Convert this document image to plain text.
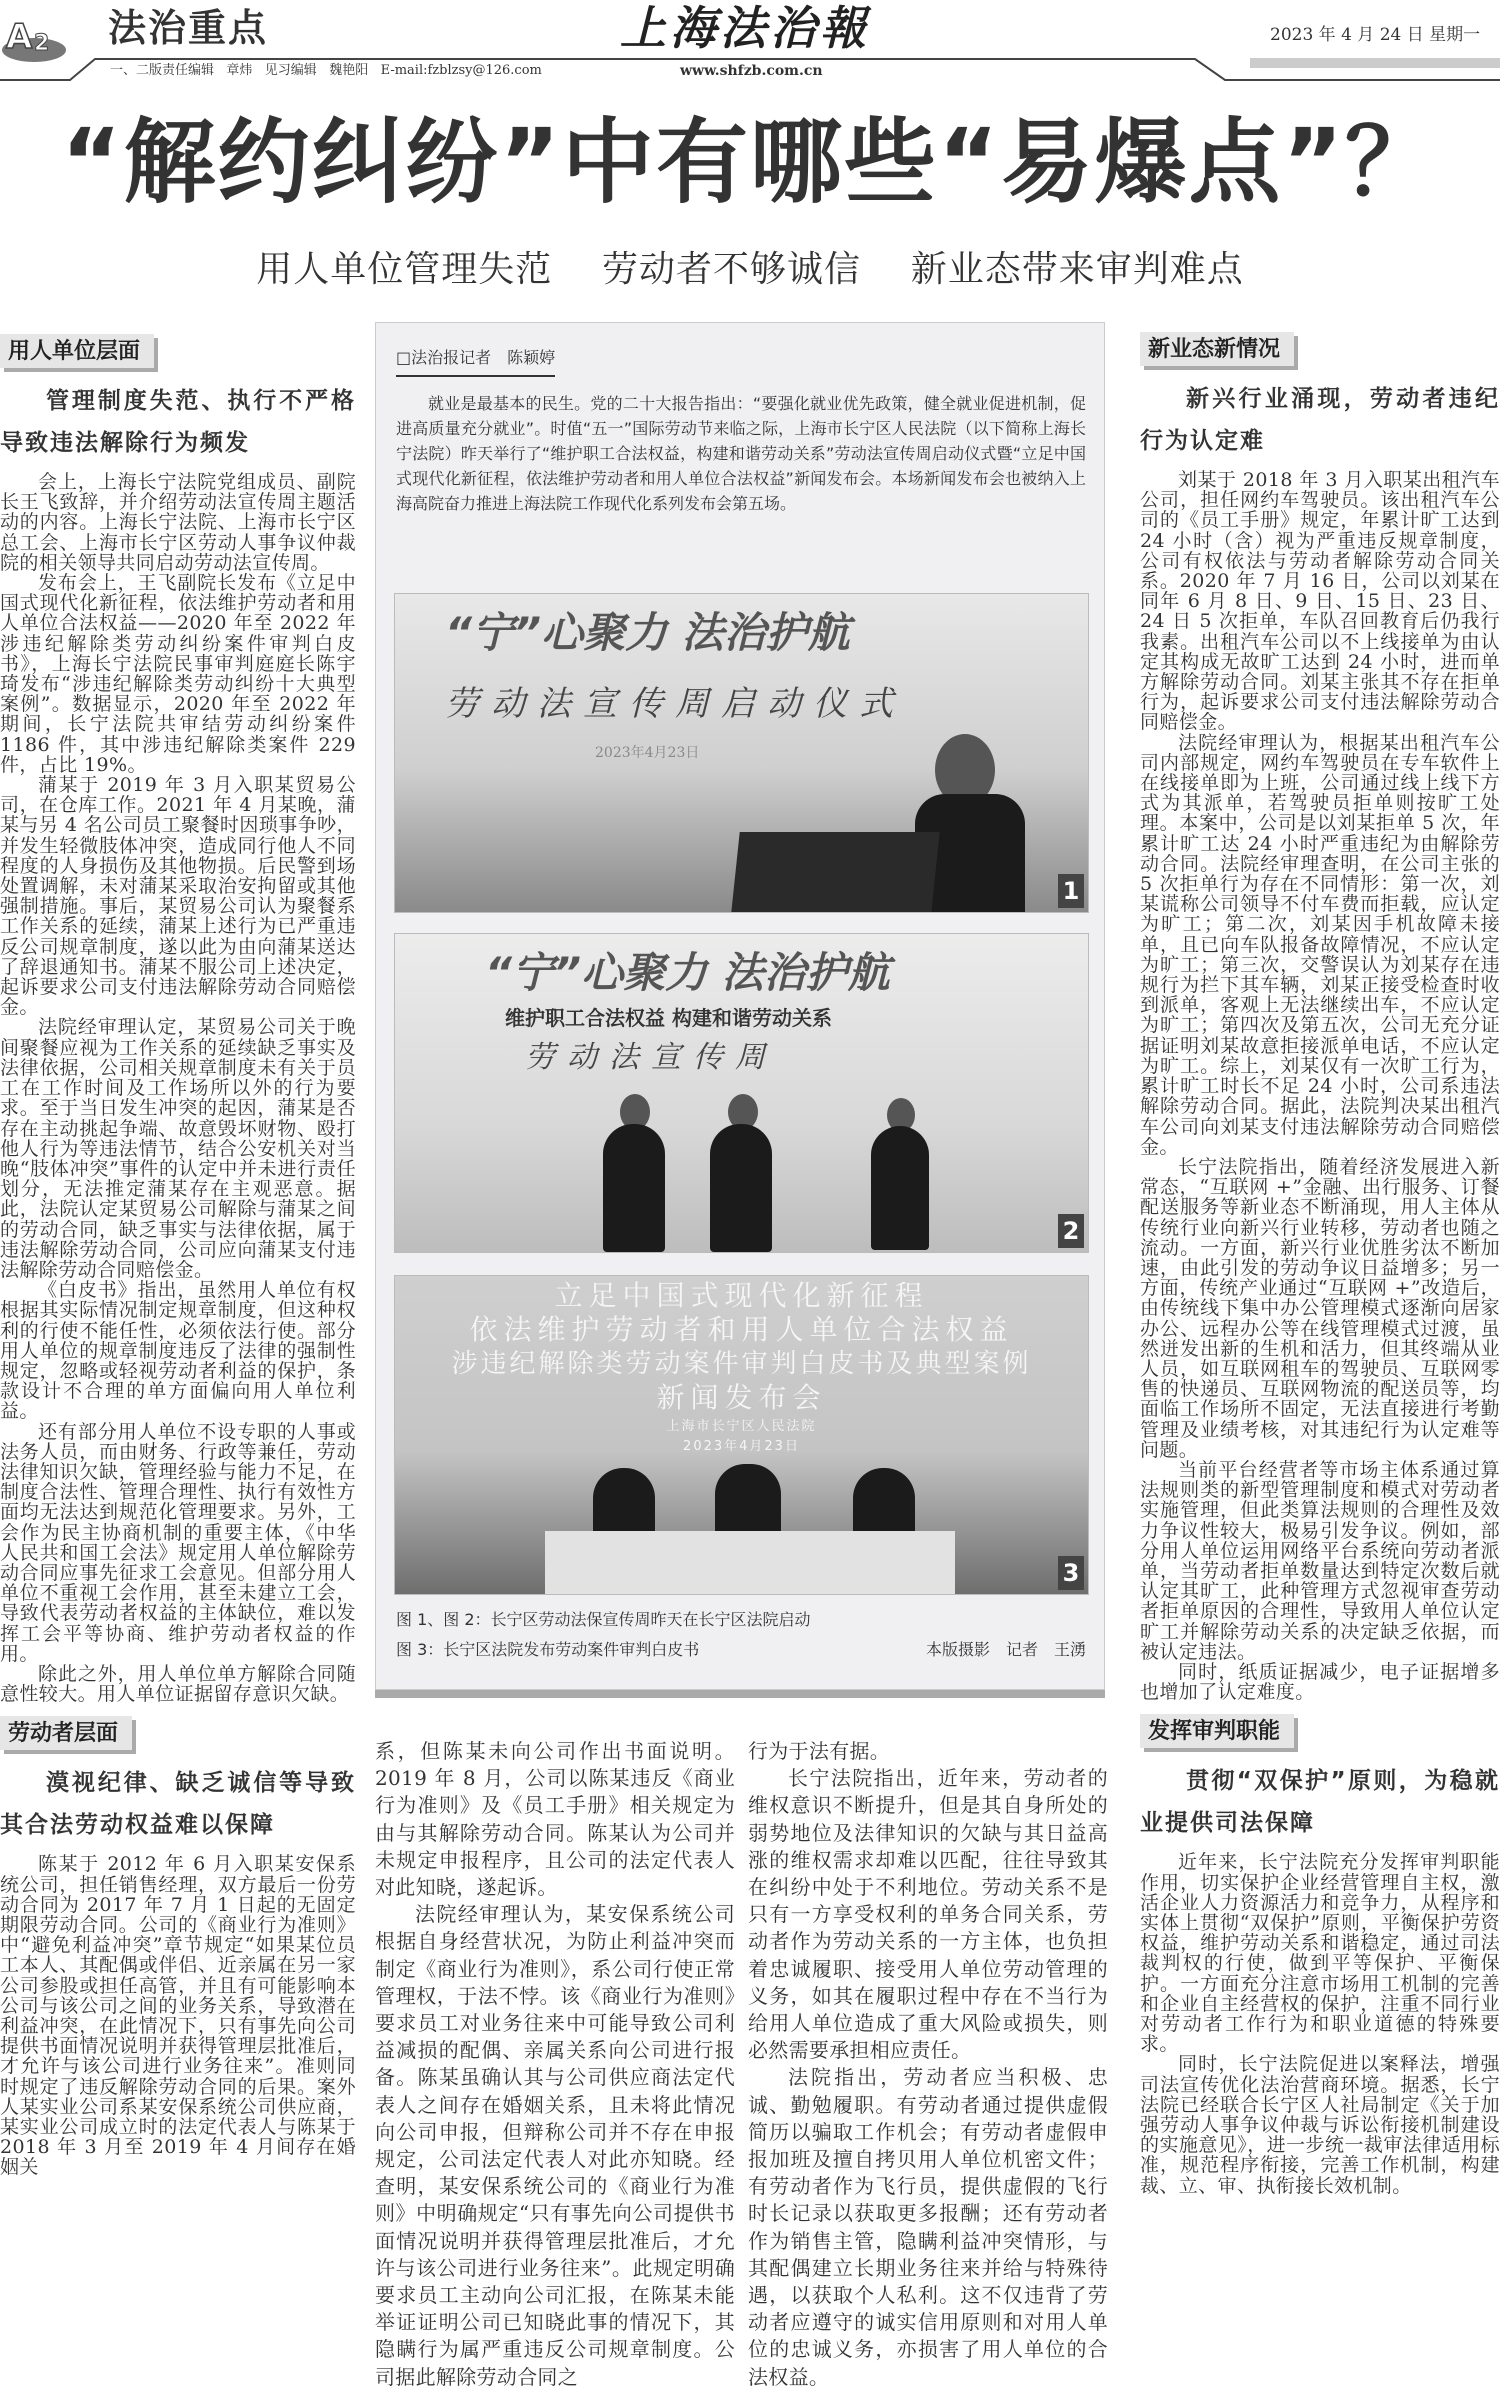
A 2 法治重点	上海法治報	2023 年 4 月 24 日 星期一
一、二版责任编辑   章炜   见习编辑   魏艳阳   E-mail:fzblzsy@126.com	www.shfzb.com.cn
“解约纠纷”中有哪些“易爆点”？
用人单位管理失范    劳动者不够诚信    新业态带来审判难点
用人单位层面
管理制度失范、执行不严格导致违法解除行为频发

会上，上海长宁法院党组成员、副院长王飞致辞，并介绍劳动法宣传周主题活动的内容。上海长宁法院、上海市长宁区总工会、上海市长宁区劳动人事争议仲裁院的相关领导共同启动劳动法宣传周。

发布会上，王飞副院长发布《立足中国式现代化新征程，依法维护劳动者和用人单位合法权益——2020 年至 2022 年涉违纪解除类劳动纠纷案件审判白皮书》，上海长宁法院民事审判庭庭长陈宇琦发布“涉违纪解除类劳动纠纷十大典型案例”。数据显示，2020 年至 2022 年期间，长宁法院共审结劳动纠纷案件 1186 件，其中涉违纪解除类案件 229 件，占比 19%。

蒲某于 2019 年 3 月入职某贸易公司，在仓库工作。2021 年 4 月某晚，蒲某与另 4 名公司员工聚餐时因琐事争吵，并发生轻微肢体冲突，造成同行他人不同程度的人身损伤及其他物损。后民警到场处置调解，未对蒲某采取治安拘留或其他强制措施。事后，某贸易公司认为聚餐系工作关系的延续，蒲某上述行为已严重违反公司规章制度，遂以此为由向蒲某送达了辞退通知书。蒲某不服公司上述决定，起诉要求公司支付违法解除劳动合同赔偿金。

法院经审理认定，某贸易公司关于晚间聚餐应视为工作关系的延续缺乏事实及法律依据，公司相关规章制度未有关于员工在工作时间及工作场所以外的行为要求。至于当日发生冲突的起因，蒲某是否存在主动挑起争端、故意毁坏财物、殴打他人行为等违法情节，结合公安机关对当晚“肢体冲突”事件的认定中并未进行责任划分，无法推定蒲某存在主观恶意。据此，法院认定某贸易公司解除与蒲某之间的劳动合同，缺乏事实与法律依据，属于违法解除劳动合同，公司应向蒲某支付违法解除劳动合同赔偿金。

《白皮书》指出，虽然用人单位有权根据其实际情况制定规章制度，但这种权利的行使不能任性，必须依法行使。部分用人单位的规章制度违反了法律的强制性规定，忽略或轻视劳动者利益的保护，条款设计不合理的单方面偏向用人单位利益。

还有部分用人单位不设专职的人事或法务人员，而由财务、行政等兼任，劳动法律知识欠缺，管理经验与能力不足，在制度合法性、管理合理性、执行有效性方面均无法达到规范化管理要求。另外，工会作为民主协商机制的重要主体，《中华人民共和国工会法》规定用人单位解除劳动合同应事先征求工会意见。但部分用人单位不重视工会作用，甚至未建立工会，导致代表劳动者权益的主体缺位，难以发挥工会平等协商、维护劳动者权益的作用。

除此之外，用人单位单方解除合同随意性较大。用人单位证据留存意识欠缺。

劳动者层面
漠视纪律、缺乏诚信等导致其合法劳动权益难以保障

陈某于 2012 年 6 月入职某安保系统公司，担任销售经理，双方最后一份劳动合同为 2017 年 7 月 1 日起的无固定期限劳动合同。公司的《商业行为准则》中“避免利益冲突”章节规定“如果某位员工本人、其配偶或伴侣、近亲属在另一家公司参股或担任高管，并且有可能影响本公司与该公司之间的业务关系，导致潜在利益冲突，在此情况下，只有事先向公司提供书面情况说明并获得管理层批准后，才允许与该公司进行业务往来”。准则同时规定了违反解除劳动合同的后果。案外人某实业公司系某安保系统公司供应商，某实业公司成立时的法定代表人与陈某于 2018 年 3 月至 2019 年 4 月间存在婚姻关

□法治报记者　陈颖婷
就业是最基本的民生。党的二十大报告指出：“要强化就业优先政策，健全就业促进机制，促进高质量充分就业”。时值“五一”国际劳动节来临之际，上海市长宁区人民法院（以下简称上海长宁法院）昨天举行了“维护职工合法权益，构建和谐劳动关系”劳动法宣传周启动仪式暨“立足中国式现代化新征程，依法维护劳动者和用人单位合法权益”新闻发布会。本场新闻发布会也被纳入上海高院奋力推进上海法院工作现代化系列发布会第五场。
“宁”心聚力 法治护航
劳动法宣传周启动仪式
2023年4月23日
1
“宁”心聚力 法治护航
维护职工合法权益 构建和谐劳动关系
劳动法宣传周
2
立足中国式现代化新征程
依法维护劳动者和用人单位合法权益
涉违纪解除类劳动案件审判白皮书及典型案例
新闻发布会
上海市长宁区人民法院
2023年4月23日
3
图 1、图 2：长宁区劳动法保宣传周昨天在长宁区法院启动
图 3：长宁区法院发布劳动案件审判白皮书	本版摄影　记者　王湧

系，但陈某未向公司作出书面说明。2019 年 8 月，公司以陈某违反《商业行为准则》及《员工手册》相关规定为由与其解除劳动合同。陈某认为公司并未规定申报程序，且公司的法定代表人对此知晓，遂起诉。

法院经审理认为，某安保系统公司根据自身经营状况，为防止利益冲突而制定《商业行为准则》，系公司行使正常管理权，于法不悖。该《商业行为准则》要求员工对业务往来中可能导致公司利益减损的配偶、亲属关系向公司进行报备。陈某虽确认其与公司供应商法定代表人之间存在婚姻关系，且未将此情况向公司申报，但辩称公司并不存在申报规定，公司法定代表人对此亦知晓。经查明，某安保系统公司的《商业行为准则》中明确规定“只有事先向公司提供书面情况说明并获得管理层批准后，才允许与该公司进行业务往来”。此规定明确要求员工主动向公司汇报，在陈某未能举证证明公司已知晓此事的情况下，其隐瞒行为属严重违反公司规章制度。公司据此解除劳动合同之

行为于法有据。

长宁法院指出，近年来，劳动者的维权意识不断提升，但是其自身所处的弱势地位及法律知识的欠缺与其日益高涨的维权需求却难以匹配，往往导致其在纠纷中处于不利地位。劳动关系不是只有一方享受权利的单务合同关系，劳动者作为劳动关系的一方主体，也负担着忠诚履职、接受用人单位劳动管理的义务，如其在履职过程中存在不当行为给用人单位造成了重大风险或损失，则必然需要承担相应责任。

法院指出，劳动者应当积极、忠诚、勤勉履职。有劳动者通过提供虚假简历以骗取工作机会；有劳动者虚假申报加班及擅自拷贝用人单位机密文件；有劳动者作为飞行员，提供虚假的飞行时长记录以获取更多报酬；还有劳动者作为销售主管，隐瞒利益冲突情形，与其配偶建立长期业务往来并给与特殊待遇，以获取个人私利。这不仅违背了劳动者应遵守的诚实信用原则和对用人单位的忠诚义务，亦损害了用人单位的合法权益。

新业态新情况
新兴行业涌现，劳动者违纪行为认定难

刘某于 2018 年 3 月入职某出租汽车公司，担任网约车驾驶员。该出租汽车公司的《员工手册》规定，年累计旷工达到 24 小时（含）视为严重违反规章制度，公司有权依法与劳动者解除劳动合同关系。2020 年 7 月 16 日，公司以刘某在同年 6 月 8 日、9 日、15 日、23 日、24 日 5 次拒单，车队召回教育后仍我行我素。出租汽车公司以不上线接单为由认定其构成无故旷工达到 24 小时，进而单方解除劳动合同。刘某主张其不存在拒单行为，起诉要求公司支付违法解除劳动合同赔偿金。

法院经审理认为，根据某出租汽车公司内部规定，网约车驾驶员在专车软件上在线接单即为上班，公司通过线上线下方式为其派单，若驾驶员拒单则按旷工处理。本案中，公司是以刘某拒单 5 次，年累计旷工达 24 小时严重违纪为由解除劳动合同。法院经审理查明，在公司主张的 5 次拒单行为存在不同情形：第一次，刘某谎称公司领导不付车费而拒载，应认定为旷工；第二次，刘某因手机故障未接单，且已向车队报备故障情况，不应认定为旷工；第三次，交警误认为刘某存在违规行为拦下其车辆，刘某正接受检查时收到派单，客观上无法继续出车，不应认定为旷工；第四次及第五次，公司无充分证据证明刘某故意拒接派单电话，不应认定为旷工。综上，刘某仅有一次旷工行为，累计旷工时长不足 24 小时，公司系违法解除劳动合同。据此，法院判决某出租汽车公司向刘某支付违法解除劳动合同赔偿金。

长宁法院指出，随着经济发展进入新常态，“互联网 +”金融、出行服务、订餐配送服务等新业态不断涌现，用人主体从传统行业向新兴行业转移，劳动者也随之流动。一方面，新兴行业优胜劣汰不断加速，由此引发的劳动争议日益增多；另一方面，传统产业通过“互联网 +”改造后，由传统线下集中办公管理模式逐渐向居家办公、远程办公等在线管理模式过渡，虽然迸发出新的生机和活力，但其终端从业人员，如互联网租车的驾驶员、互联网零售的快递员、互联网物流的配送员等，均面临工作场所不固定，无法直接进行考勤管理及业绩考核，对其违纪行为认定难等问题。

当前平台经营者等市场主体系通过算法规则类的新型管理制度和模式对劳动者实施管理，但此类算法规则的合理性及效力争议性较大，极易引发争议。例如，部分用人单位运用网络平台系统向劳动者派单，当劳动者拒单数量达到特定次数后就认定其旷工，此种管理方式忽视审查劳动者拒单原因的合理性，导致用人单位认定旷工并解除劳动关系的决定缺乏依据，而被认定违法。

同时，纸质证据减少，电子证据增多也增加了认定难度。

发挥审判职能
贯彻“双保护”原则，为稳就业提供司法保障

近年来，长宁法院充分发挥审判职能作用，切实保护企业经营管理自主权，激活企业人力资源活力和竞争力，从程序和实体上贯彻“双保护”原则，平衡保护劳资权益，维护劳动关系和谐稳定，通过司法裁判权的行使，做到平等保护、平衡保护。一方面充分注意市场用工机制的完善和企业自主经营权的保护，注重不同行业对劳动者工作行为和职业道德的特殊要求。

同时，长宁法院促进以案释法，增强司法宣传优化法治营商环境。据悉，长宁法院已经联合长宁区人社局制定《关于加强劳动人事争议仲裁与诉讼衔接机制建设的实施意见》，进一步统一裁审法律适用标准，规范程序衔接，完善工作机制，构建裁、立、审、执衔接长效机制。
